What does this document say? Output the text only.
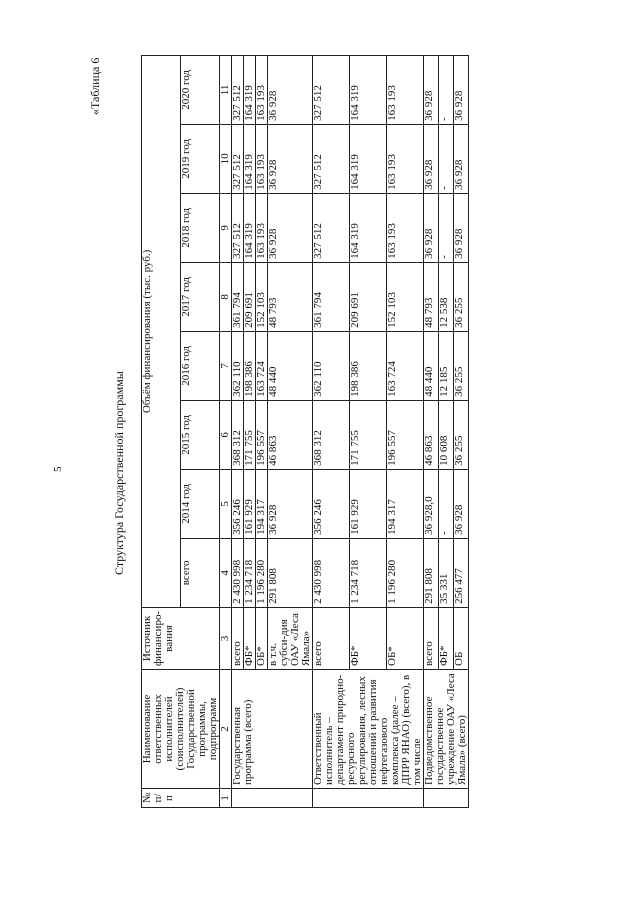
5
«Таблица 6
Структура Государственной программы
№ п/п	Наименование ответственных исполнителей (соисполнителей) Государственной программы, подпрограмм	Источник финансиро-вания	Объём финансирования (тыс. руб.)							
			всего	2014 год	2015 год	2016 год	2017 год	2018 год	2019 год	2020 год
1	2	3	4	5	6	7	8	9	10	11
	Государственная программа (всего)	всего	2 430 998	356 246	368 312	362 110	361 794	327 512	327 512	327 512
		ФБ*	1 234 718	161 929	171 755	198 386	209 691	164 319	164 319	164 319
		ОБ*	1 196 280	194 317	196 557	163 724	152 103	163 193	163 193	163 193
		в т.ч. субси-дия ОАУ «Леса Ямала»	291 808	36 928	46 863	48 440	48 793	36 928	36 928	36 928
	Ответственный исполнитель – департамент природно-ресурсного регулирования, лесных отношений и развития нефтегазового комплекса (далее – ДПРР ЯНАО) (всего), в том числе	всего	2 430 998	356 246	368 312	362 110	361 794	327 512	327 512	327 512
		ФБ*	1 234 718	161 929	171 755	198 386	209 691	164 319	164 319	164 319
		ОБ*	1 196 280	194 317	196 557	163 724	152 103	163 193	163 193	163 193
	Подведомственное государственное учреждение ОАУ «Леса Ямала» (всего)	всего	291 808	36 928,0	46 863	48 440	48 793	36 928	36 928	36 928
		ФБ*	35 331	-	10 608	12 185	12 538	-	-	-
		ОБ	256 477	36 928	36 255	36 255	36 255	36 928	36 928	36 928
